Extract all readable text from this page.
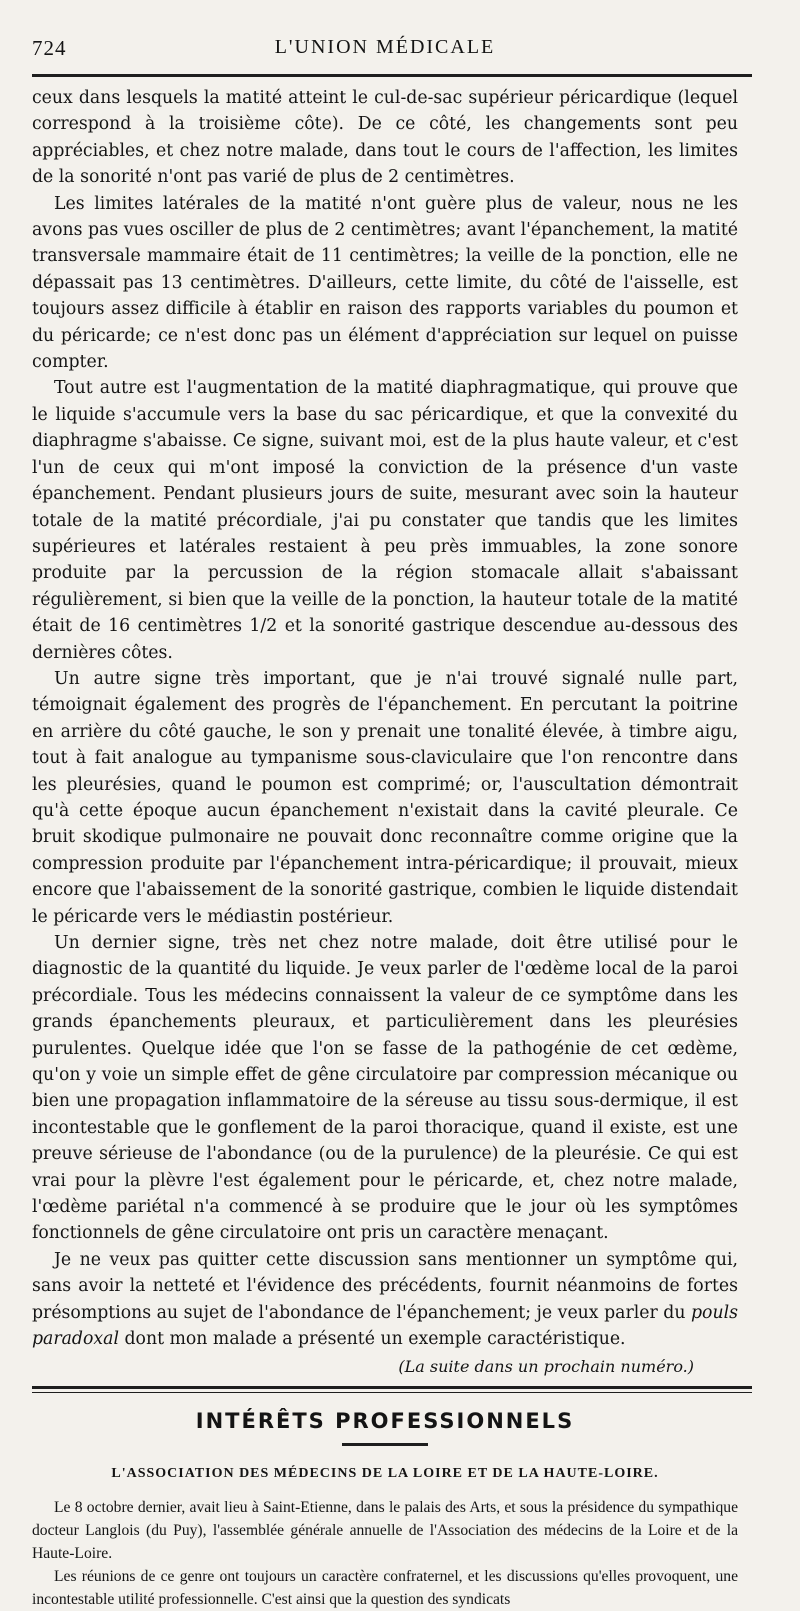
724	L'UNION MÉDICALE

ceux dans lesquels la matité atteint le cul-de-sac supérieur péricardique (lequel correspond à la troisième côte). De ce côté, les changements sont peu appréciables, et chez notre malade, dans tout le cours de l'affection, les limites de la sonorité n'ont pas varié de plus de 2 centimètres.

Les limites latérales de la matité n'ont guère plus de valeur, nous ne les avons pas vues osciller de plus de 2 centimètres; avant l'épanchement, la matité transversale mammaire était de 11 centimètres; la veille de la ponction, elle ne dépassait pas 13 centimètres. D'ailleurs, cette limite, du côté de l'aisselle, est toujours assez difficile à établir en raison des rapports variables du poumon et du péricarde; ce n'est donc pas un élément d'appréciation sur lequel on puisse compter.

Tout autre est l'augmentation de la matité diaphragmatique, qui prouve que le liquide s'accumule vers la base du sac péricardique, et que la convexité du diaphragme s'abaisse. Ce signe, suivant moi, est de la plus haute valeur, et c'est l'un de ceux qui m'ont imposé la conviction de la présence d'un vaste épanchement. Pendant plusieurs jours de suite, mesurant avec soin la hauteur totale de la matité précordiale, j'ai pu constater que tandis que les limites supérieures et latérales restaient à peu près immuables, la zone sonore produite par la percussion de la région stomacale allait s'abaissant régulièrement, si bien que la veille de la ponction, la hauteur totale de la matité était de 16 centimètres 1/2 et la sonorité gastrique descendue au-dessous des dernières côtes.

Un autre signe très important, que je n'ai trouvé signalé nulle part, témoignait également des progrès de l'épanchement. En percutant la poitrine en arrière du côté gauche, le son y prenait une tonalité élevée, à timbre aigu, tout à fait analogue au tympanisme sous-claviculaire que l'on rencontre dans les pleurésies, quand le poumon est comprimé; or, l'auscultation démontrait qu'à cette époque aucun épanchement n'existait dans la cavité pleurale. Ce bruit skodique pulmonaire ne pouvait donc reconnaître comme origine que la compression produite par l'épanchement intra-péricardique; il prouvait, mieux encore que l'abaissement de la sonorité gastrique, combien le liquide distendait le péricarde vers le médiastin postérieur.

Un dernier signe, très net chez notre malade, doit être utilisé pour le diagnostic de la quantité du liquide. Je veux parler de l'œdème local de la paroi précordiale. Tous les médecins connaissent la valeur de ce symptôme dans les grands épanchements pleuraux, et particulièrement dans les pleurésies purulentes. Quelque idée que l'on se fasse de la pathogénie de cet œdème, qu'on y voie un simple effet de gêne circulatoire par compression mécanique ou bien une propagation inflammatoire de la séreuse au tissu sous-dermique, il est incontestable que le gonflement de la paroi thoracique, quand il existe, est une preuve sérieuse de l'abondance (ou de la purulence) de la pleurésie. Ce qui est vrai pour la plèvre l'est également pour le péricarde, et, chez notre malade, l'œdème pariétal n'a commencé à se produire que le jour où les symptômes fonctionnels de gêne circulatoire ont pris un caractère menaçant.

Je ne veux pas quitter cette discussion sans mentionner un symptôme qui, sans avoir la netteté et l'évidence des précédents, fournit néanmoins de fortes présomptions au sujet de l'abondance de l'épanchement; je veux parler du pouls paradoxal dont mon malade a présenté un exemple caractéristique.

(La suite dans un prochain numéro.)
INTÉRÊTS PROFESSIONNELS
L'ASSOCIATION DES MÉDECINS DE LA LOIRE ET DE LA HAUTE-LOIRE.

Le 8 octobre dernier, avait lieu à Saint-Etienne, dans le palais des Arts, et sous la présidence du sympathique docteur Langlois (du Puy), l'assemblée générale annuelle de l'Association des médecins de la Loire et de la Haute-Loire.

Les réunions de ce genre ont toujours un caractère confraternel, et les discussions qu'elles provoquent, une incontestable utilité professionnelle. C'est ainsi que la question des syndicats
